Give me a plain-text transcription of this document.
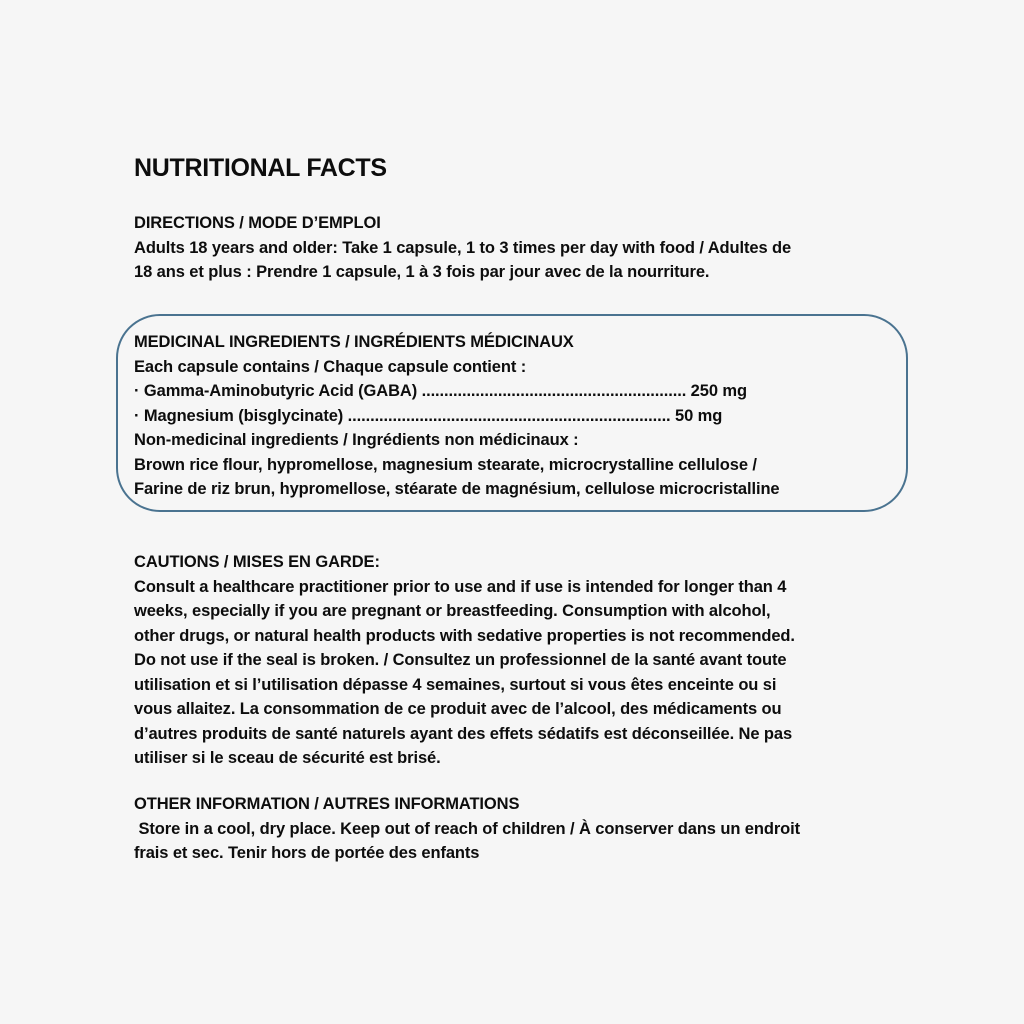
NUTRITIONAL FACTS
DIRECTIONS / MODE D’EMPLOI
Adults 18 years and older: Take 1 capsule, 1 to 3 times per day with food / Adultes de
18 ans et plus : Prendre 1 capsule, 1 à 3 fois par jour avec de la nourriture.
MEDICINAL INGREDIENTS / INGRÉDIENTS MÉDICINAUX
Each capsule contains / Chaque capsule contient :
· Gamma-Aminobutyric Acid (GABA) ........................................................... 250 mg
· Magnesium (bisglycinate) ........................................................................ 50 mg
Non-medicinal ingredients / Ingrédients non médicinaux :
Brown rice flour, hypromellose, magnesium stearate, microcrystalline cellulose /
Farine de riz brun, hypromellose, stéarate de magnésium, cellulose microcristalline
CAUTIONS / MISES EN GARDE:
Consult a healthcare practitioner prior to use and if use is intended for longer than 4
weeks, especially if you are pregnant or breastfeeding. Consumption with alcohol,
other drugs, or natural health products with sedative properties is not recommended.
Do not use if the seal is broken. / Consultez un professionnel de la santé avant toute
utilisation et si l’utilisation dépasse 4 semaines, surtout si vous êtes enceinte ou si
vous allaitez. La consommation de ce produit avec de l’alcool, des médicaments ou
d’autres produits de santé naturels ayant des effets sédatifs est déconseillée. Ne pas
utiliser si le sceau de sécurité est brisé.
OTHER INFORMATION / AUTRES INFORMATIONS
Store in a cool, dry place. Keep out of reach of children / À conserver dans un endroit
frais et sec. Tenir hors de portée des enfants
